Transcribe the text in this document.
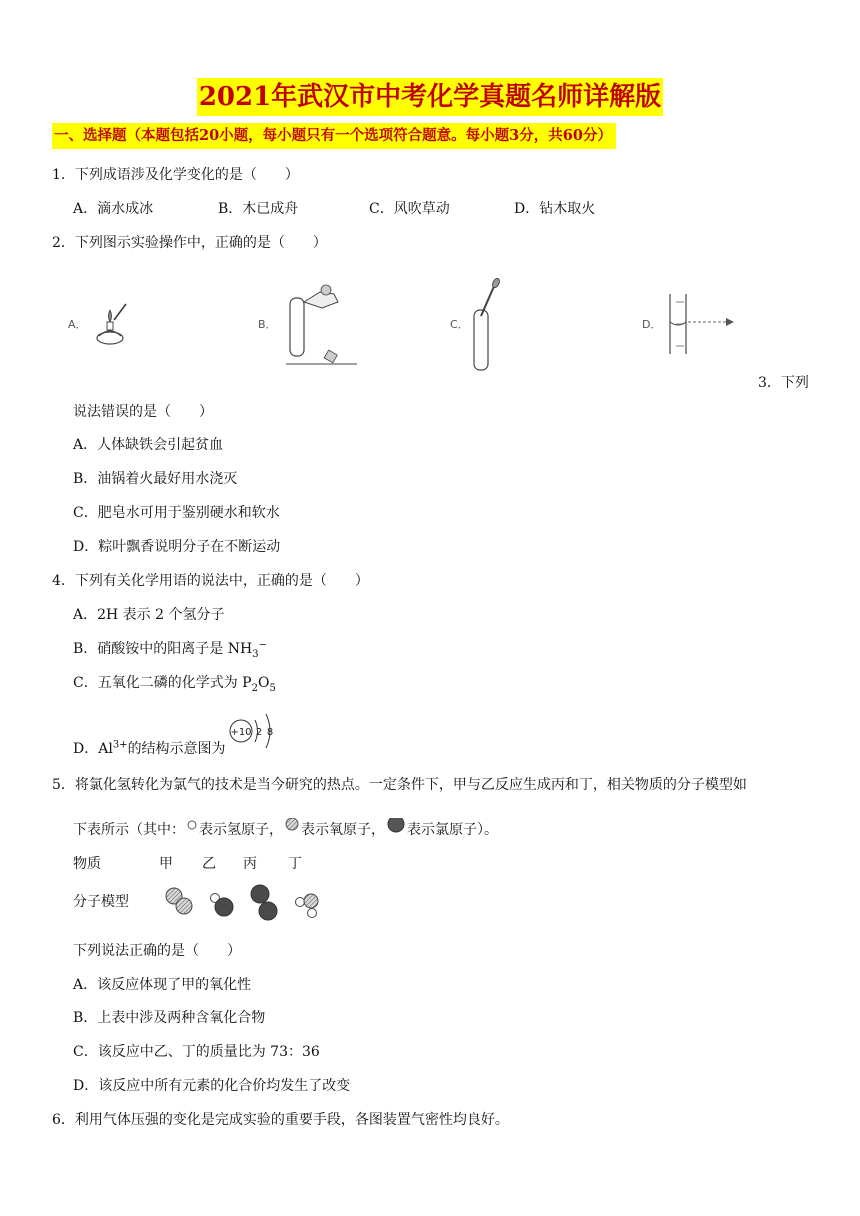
2021年武汉市中考化学真题名师详解版
一、选择题（本题包括20小题，每小题只有一个选项符合题意。每小题3分，共60分）
1．下列成语涉及化学变化的是（　　）
A．滴水成冰	B．木已成舟	C．风吹草动	D．钻木取火
2．下列图示实验操作中，正确的是（　　）
A．	B．	C．	D．
3．下列
说法错误的是（　　）
A．人体缺铁会引起贫血
B．油锅着火最好用水浇灭
C．肥皂水可用于鉴别硬水和软水
D．粽叶飘香说明分子在不断运动
4．下列有关化学用语的说法中，正确的是（　　）
A．2H 表示 2 个氢分子
B．硝酸铵中的阳离子是 $NH_3^-$
C．五氧化二磷的化学式为 $P_2O_5$
D．$Al^{3+}$的结构示意图为
+10 2 8
5．将氯化氢转化为氯气的技术是当今研究的热点。一定条件下，甲与乙反应生成丙和丁，相关物质的分子模型如
下表所示（其中： 表示氢原子， 表示氧原子， 表示氯原子）。
物质	甲 乙 丙 丁
分子模型
下列说法正确的是（　　）
A．该反应体现了甲的氧化性
B．上表中涉及两种含氧化合物
C．该反应中乙、丁的质量比为 73：36
D．该反应中所有元素的化合价均发生了改变
6．利用气体压强的变化是完成实验的重要手段，各图装置气密性均良好。
